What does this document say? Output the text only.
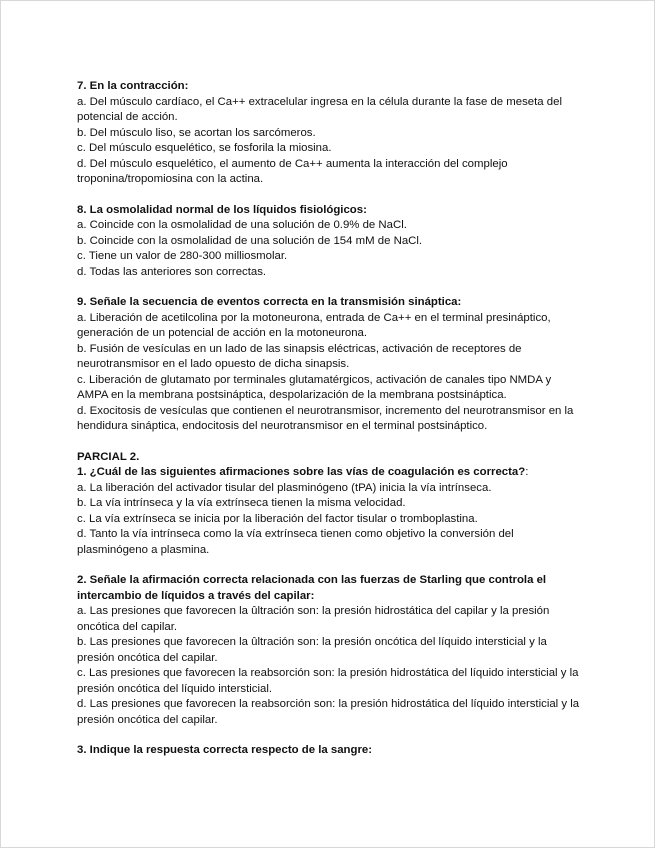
7. En la contracción:
a. Del músculo cardíaco, el Ca++ extracelular ingresa en la célula durante la fase de meseta del potencial de acción.
b. Del músculo liso, se acortan los sarcómeros.
c. Del músculo esquelético, se fosforila la miosina.
d. Del músculo esquelético, el aumento de Ca++ aumenta la interacción del complejo troponina/tropomiosina con la actina.
8. La osmolalidad normal de los líquidos fisiológicos:
a. Coincide con la osmolalidad de una solución de 0.9% de NaCl.
b. Coincide con la osmolalidad de una solución de 154 mM de NaCl.
c. Tiene un valor de 280-300 milliosmolar.
d. Todas las anteriores son correctas.
9. Señale la secuencia de eventos correcta en la transmisión sináptica:
a. Liberación de acetilcolina por la motoneurona, entrada de Ca++ en el terminal presináptico, generación de un potencial de acción en la motoneurona.
b. Fusión de vesículas en un lado de las sinapsis eléctricas, activación de receptores de neurotransmisor en el lado opuesto de dicha sinapsis.
c. Liberación de glutamato por terminales glutamatérgicos, activación de canales tipo NMDA y AMPA en la membrana postsináptica, despolarización de la membrana postsináptica.
d. Exocitosis de vesículas que contienen el neurotransmisor, incremento del neurotransmisor en la hendidura sináptica, endocitosis del neurotransmisor en el terminal postsináptico.
PARCIAL 2.
1. ¿Cuál de las siguientes afirmaciones sobre las vías de coagulación es correcta?:
a. La liberación del activador tisular del plasminógeno (tPA) inicia la vía intrínseca.
b. La vía intrínseca y la vía extrínseca tienen la misma velocidad.
c. La vía extrínseca se inicia por la liberación del factor tisular o tromboplastina.
d. Tanto la vía intrínseca como la vía extrínseca tienen como objetivo la conversión del plasminógeno a plasmina.
2. Señale la afirmación correcta relacionada con las fuerzas de Starling que controla el intercambio de líquidos a través del capilar:
a. Las presiones que favorecen la ûltración son: la presión hidrostática del capilar y la presión oncótica del capilar.
b. Las presiones que favorecen la ûltración son: la presión oncótica del líquido intersticial y la presión oncótica del capilar.
c. Las presiones que favorecen la reabsorción son: la presión hidrostática del líquido intersticial y la presión oncótica del líquido intersticial.
d. Las presiones que favorecen la reabsorción son: la presión hidrostática del líquido intersticial y la presión oncótica del capilar.
3. Indique la respuesta correcta respecto de la sangre:
